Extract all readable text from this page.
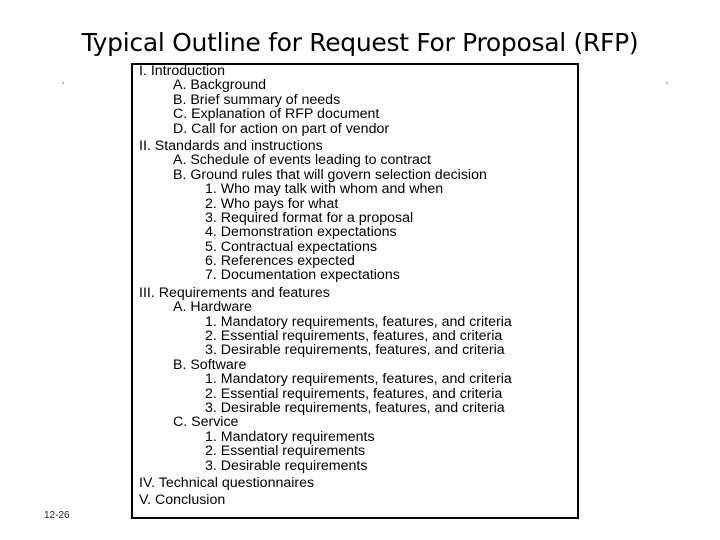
Typical Outline for Request For Proposal (RFP)
I. Introduction
A. Background
B. Brief summary of needs
C. Explanation of RFP document
D. Call for action on part of vendor
II. Standards and instructions
A. Schedule of events leading to contract
B. Ground rules that will govern selection decision
1. Who may talk with whom and when
2. Who pays for what
3. Required format for a proposal
4. Demonstration expectations
5. Contractual expectations
6. References expected
7. Documentation expectations
III. Requirements and features
A. Hardware
1. Mandatory requirements, features, and criteria
2. Essential requirements, features, and criteria
3. Desirable requirements, features, and criteria
B. Software
1. Mandatory requirements, features, and criteria
2. Essential requirements, features, and criteria
3. Desirable requirements, features, and criteria
C. Service
1. Mandatory requirements
2. Essential requirements
3. Desirable requirements
IV. Technical questionnaires
V. Conclusion
12-26
